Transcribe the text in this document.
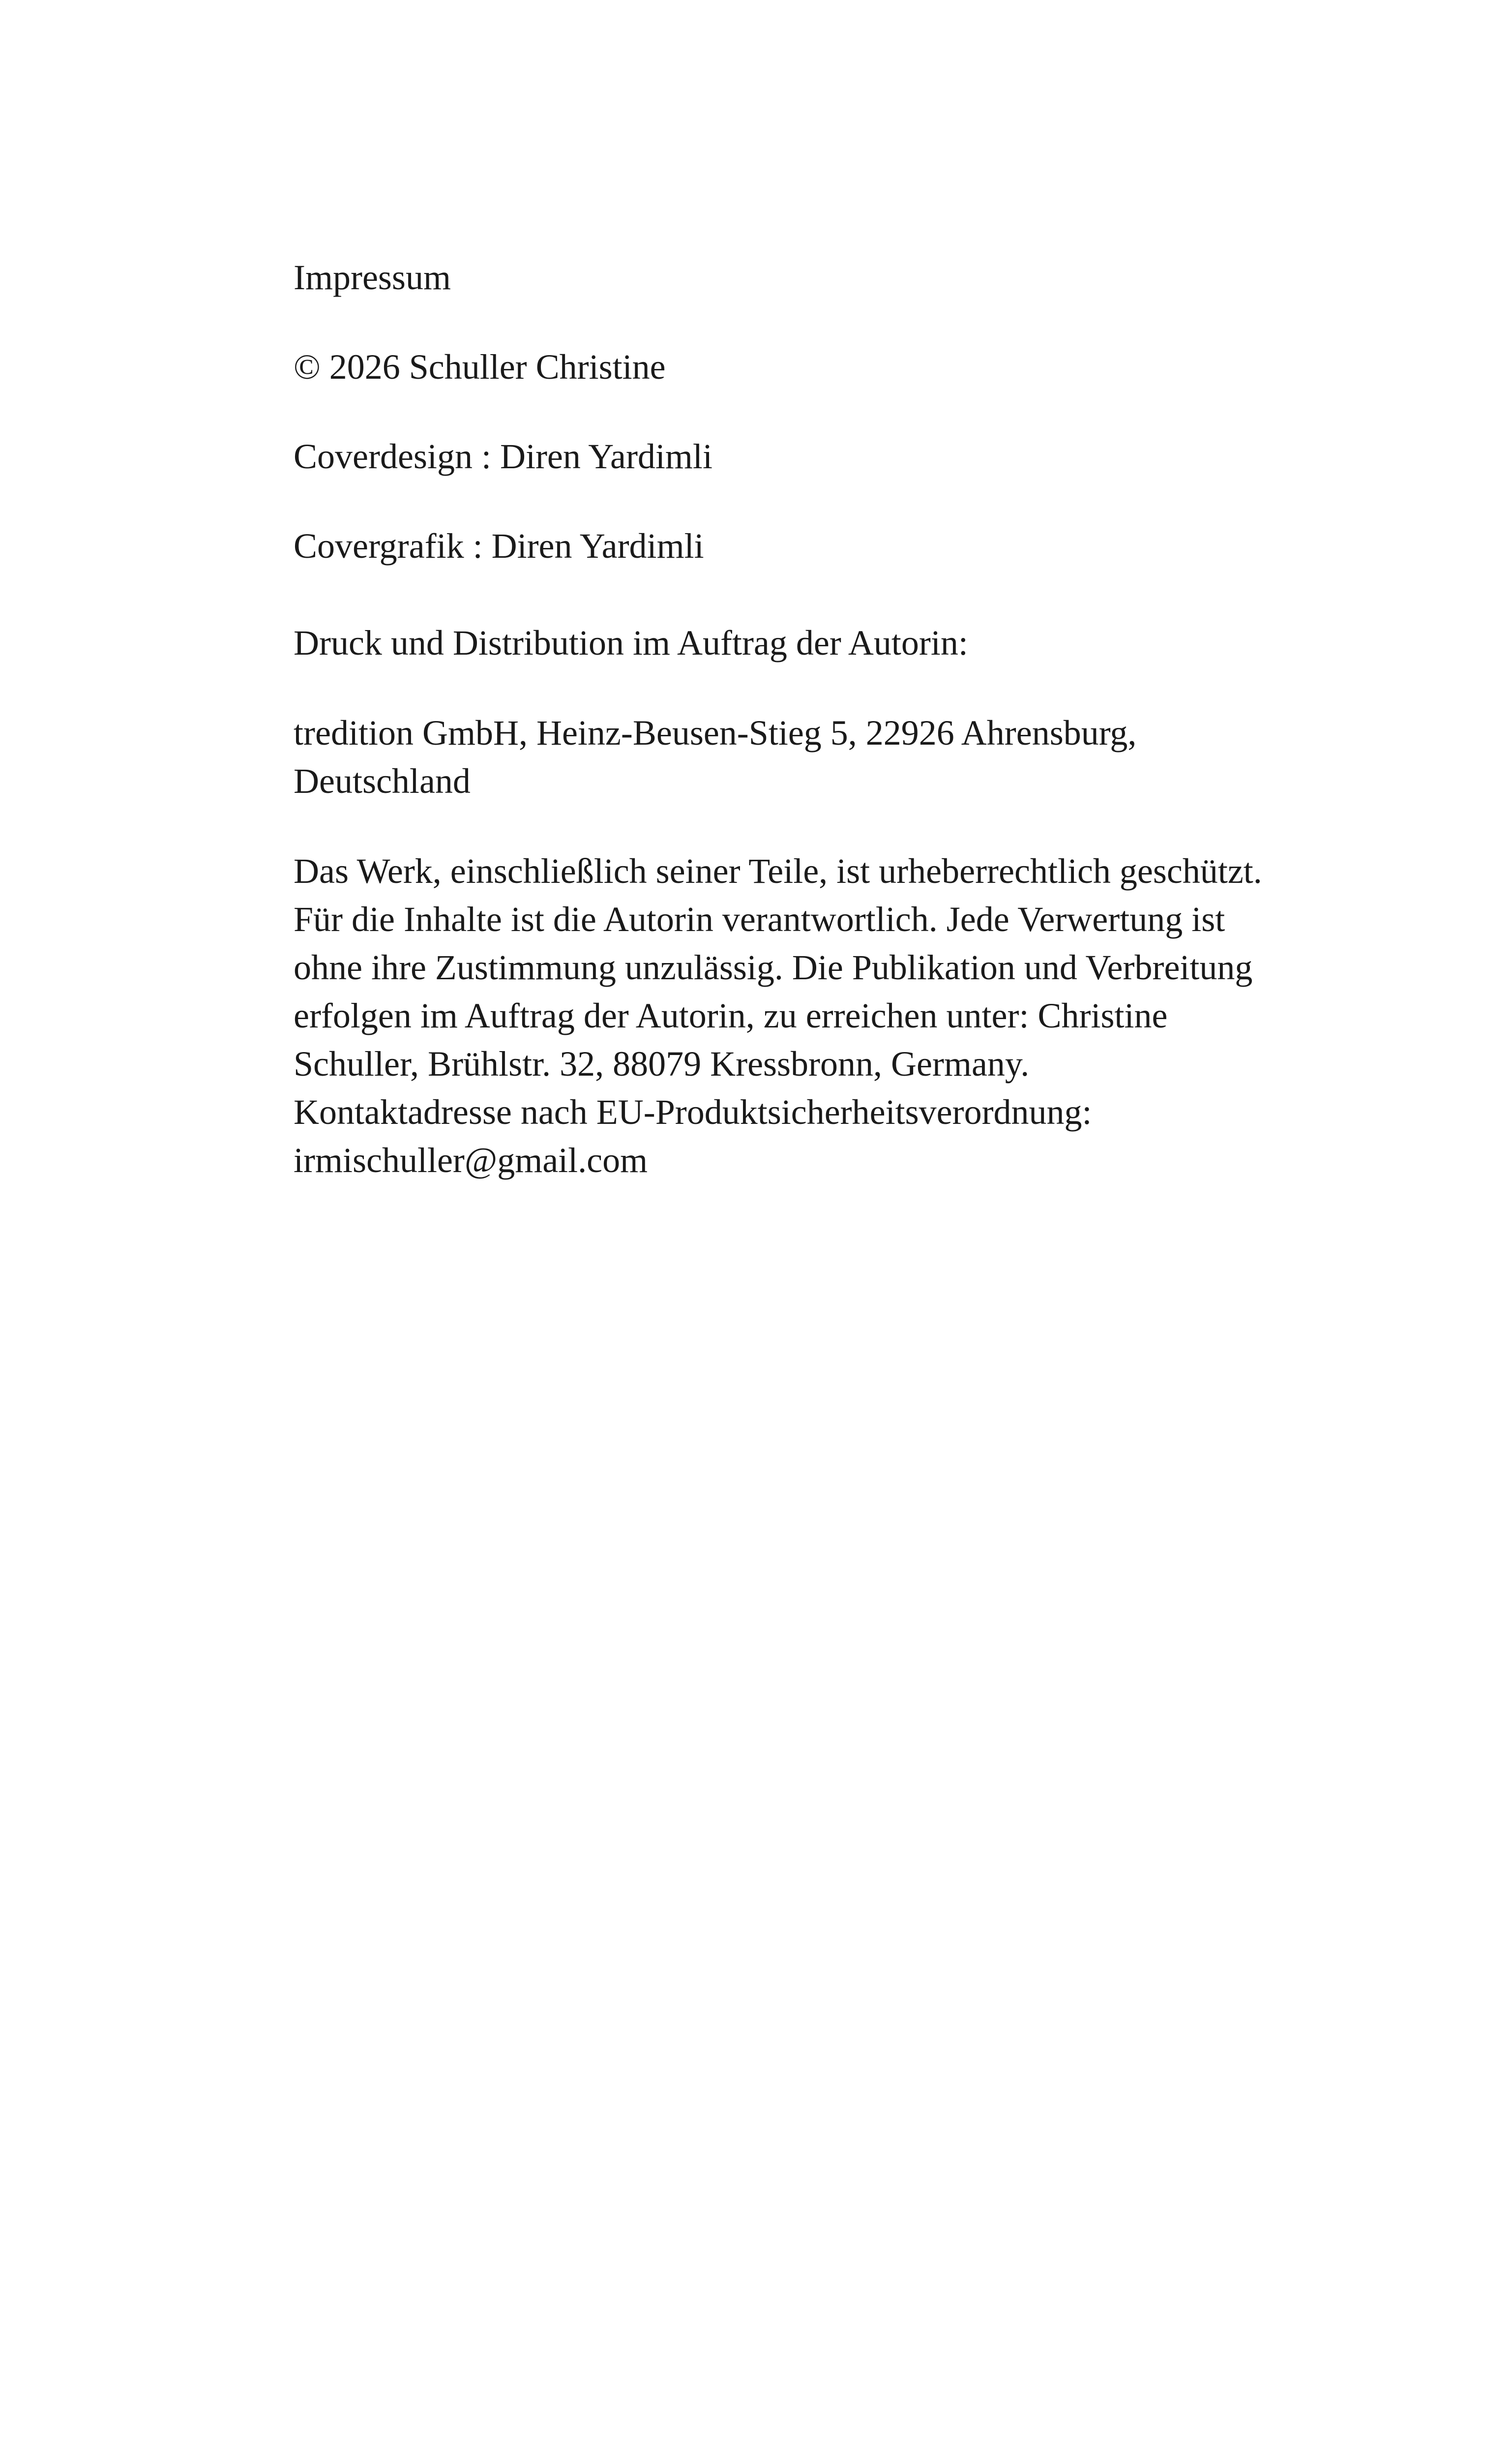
Impressum
© 2026 Schuller Christine
Coverdesign : Diren Yardimli
Covergrafik : Diren Yardimli
Druck und Distribution im Auftrag der Autorin:
tredition GmbH, Heinz-Beusen-Stieg 5, 22926 Ahrensburg,
Deutschland
Das Werk, einschließlich seiner Teile, ist urheberrechtlich geschützt.
Für die Inhalte ist die Autorin verantwortlich. Jede Verwertung ist
ohne ihre Zustimmung unzulässig. Die Publikation und Verbreitung
erfolgen im Auftrag der Autorin, zu erreichen unter: Christine
Schuller, Brühlstr. 32, 88079 Kressbronn, Germany.
Kontaktadresse nach EU-Produktsicherheitsverordnung:
irmischuller@gmail.com
